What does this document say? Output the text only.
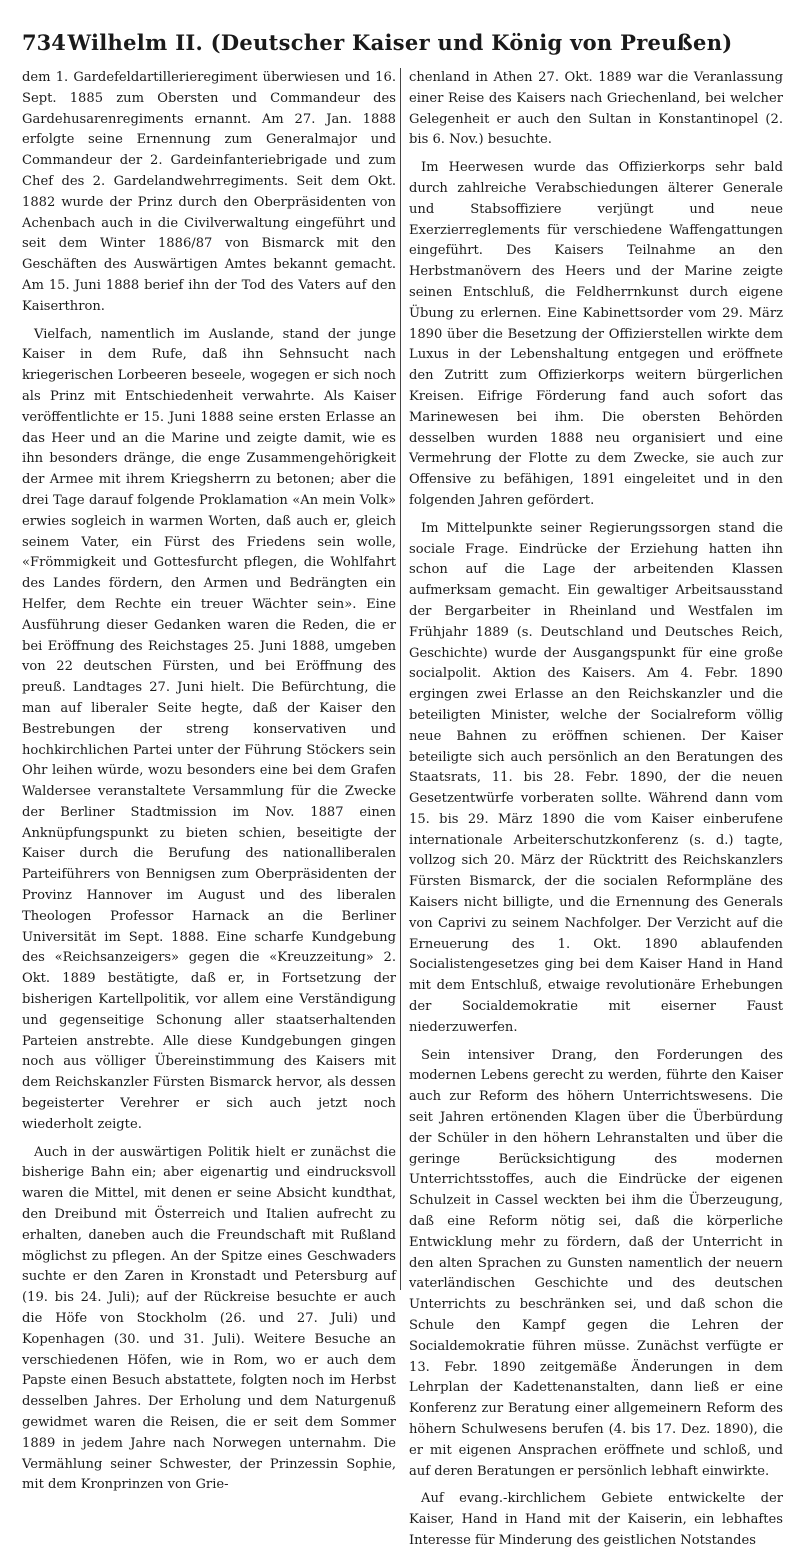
734 Wilhelm II. (Deutscher Kaiser und König von Preußen)

dem 1. Gardefeldartillerieregiment überwiesen und 16. Sept. 1885 zum Obersten und Commandeur des Gardehusarenregiments ernannt. Am 27. Jan. 1888 erfolgte seine Ernennung zum Generalmajor und Commandeur der 2. Gardeinfanteriebrigade und zum Chef des 2. Gardelandwehrregiments. Seit dem Okt. 1882 wurde der Prinz durch den Oberpräsidenten von Achenbach auch in die Civilverwaltung eingeführt und seit dem Winter 1886/87 von Bismarck mit den Geschäften des Auswärtigen Amtes bekannt gemacht. Am 15. Juni 1888 berief ihn der Tod des Vaters auf den Kaiserthron.

Vielfach, namentlich im Auslande, stand der junge Kaiser in dem Rufe, daß ihn Sehnsucht nach kriegerischen Lorbeeren beseele, wogegen er sich noch als Prinz mit Entschiedenheit verwahrte. Als Kaiser veröffentlichte er 15. Juni 1888 seine ersten Erlasse an das Heer und an die Marine und zeigte damit, wie es ihn besonders dränge, die enge Zusammengehörigkeit der Armee mit ihrem Kriegsherrn zu betonen; aber die drei Tage darauf folgende Proklamation «An mein Volk» erwies sogleich in warmen Worten, daß auch er, gleich seinem Vater, ein Fürst des Friedens sein wolle, «Frömmigkeit und Gottesfurcht pflegen, die Wohlfahrt des Landes fördern, den Armen und Bedrängten ein Helfer, dem Rechte ein treuer Wächter sein». Eine Ausführung dieser Gedanken waren die Reden, die er bei Eröffnung des Reichstages 25. Juni 1888, umgeben von 22 deutschen Fürsten, und bei Eröffnung des preuß. Landtages 27. Juni hielt. Die Befürchtung, die man auf liberaler Seite hegte, daß der Kaiser den Bestrebungen der streng konservativen und hochkirchlichen Partei unter der Führung Stöckers sein Ohr leihen würde, wozu besonders eine bei dem Grafen Waldersee veranstaltete Versammlung für die Zwecke der Berliner Stadtmission im Nov. 1887 einen Anknüpfungspunkt zu bieten schien, beseitigte der Kaiser durch die Berufung des nationalliberalen Parteiführers von Bennigsen zum Oberpräsidenten der Provinz Hannover im August und des liberalen Theologen Professor Harnack an die Berliner Universität im Sept. 1888. Eine scharfe Kundgebung des «Reichsanzeigers» gegen die «Kreuzzeitung» 2. Okt. 1889 bestätigte, daß er, in Fortsetzung der bisherigen Kartellpolitik, vor allem eine Verständigung und gegenseitige Schonung aller staatserhaltenden Parteien anstrebte. Alle diese Kundgebungen gingen noch aus völliger Übereinstimmung des Kaisers mit dem Reichskanzler Fürsten Bismarck hervor, als dessen begeisterter Verehrer er sich auch jetzt noch wiederholt zeigte.

Auch in der auswärtigen Politik hielt er zunächst die bisherige Bahn ein; aber eigenartig und eindrucksvoll waren die Mittel, mit denen er seine Absicht kundthat, den Dreibund mit Österreich und Italien aufrecht zu erhalten, daneben auch die Freundschaft mit Rußland möglichst zu pflegen. An der Spitze eines Geschwaders suchte er den Zaren in Kronstadt und Petersburg auf (19. bis 24. Juli); auf der Rückreise besuchte er auch die Höfe von Stockholm (26. und 27. Juli) und Kopenhagen (30. und 31. Juli). Weitere Besuche an verschiedenen Höfen, wie in Rom, wo er auch dem Papste einen Besuch abstattete, folgten noch im Herbst desselben Jahres. Der Erholung und dem Naturgenuß gewidmet waren die Reisen, die er seit dem Sommer 1889 in jedem Jahre nach Norwegen unternahm. Die Vermählung seiner Schwester, der Prinzessin Sophie, mit dem Kronprinzen von Grie-

chenland in Athen 27. Okt. 1889 war die Veranlassung einer Reise des Kaisers nach Griechenland, bei welcher Gelegenheit er auch den Sultan in Konstantinopel (2. bis 6. Nov.) besuchte.

Im Heerwesen wurde das Offizierkorps sehr bald durch zahlreiche Verabschiedungen älterer Generale und Stabsoffiziere verjüngt und neue Exerzierreglements für verschiedene Waffengattungen eingeführt. Des Kaisers Teilnahme an den Herbstmanövern des Heers und der Marine zeigte seinen Entschluß, die Feldherrnkunst durch eigene Übung zu erlernen. Eine Kabinettsorder vom 29. März 1890 über die Besetzung der Offizierstellen wirkte dem Luxus in der Lebenshaltung entgegen und eröffnete den Zutritt zum Offizierkorps weitern bürgerlichen Kreisen. Eifrige Förderung fand auch sofort das Marinewesen bei ihm. Die obersten Behörden desselben wurden 1888 neu organisiert und eine Vermehrung der Flotte zu dem Zwecke, sie auch zur Offensive zu befähigen, 1891 eingeleitet und in den folgenden Jahren gefördert.

Im Mittelpunkte seiner Regierungssorgen stand die sociale Frage. Eindrücke der Erziehung hatten ihn schon auf die Lage der arbeitenden Klassen aufmerksam gemacht. Ein gewaltiger Arbeitsausstand der Bergarbeiter in Rheinland und Westfalen im Frühjahr 1889 (s. Deutschland und Deutsches Reich, Geschichte) wurde der Ausgangspunkt für eine große socialpolit. Aktion des Kaisers. Am 4. Febr. 1890 ergingen zwei Erlasse an den Reichskanzler und die beteiligten Minister, welche der Socialreform völlig neue Bahnen zu eröffnen schienen. Der Kaiser beteiligte sich auch persönlich an den Beratungen des Staatsrats, 11. bis 28. Febr. 1890, der die neuen Gesetzentwürfe vorberaten sollte. Während dann vom 15. bis 29. März 1890 die vom Kaiser einberufene internationale Arbeiterschutzkonferenz (s. d.) tagte, vollzog sich 20. März der Rücktritt des Reichskanzlers Fürsten Bismarck, der die socialen Reformpläne des Kaisers nicht billigte, und die Ernennung des Generals von Caprivi zu seinem Nachfolger. Der Verzicht auf die Erneuerung des 1. Okt. 1890 ablaufenden Socialistengesetzes ging bei dem Kaiser Hand in Hand mit dem Entschluß, etwaige revolutionäre Erhebungen der Socialdemokratie mit eiserner Faust niederzuwerfen.

Sein intensiver Drang, den Forderungen des modernen Lebens gerecht zu werden, führte den Kaiser auch zur Reform des höhern Unterrichtswesens. Die seit Jahren ertönenden Klagen über die Überbürdung der Schüler in den höhern Lehranstalten und über die geringe Berücksichtigung des modernen Unterrichtsstoffes, auch die Eindrücke der eigenen Schulzeit in Cassel weckten bei ihm die Überzeugung, daß eine Reform nötig sei, daß die körperliche Entwicklung mehr zu fördern, daß der Unterricht in den alten Sprachen zu Gunsten namentlich der neuern vaterländischen Geschichte und des deutschen Unterrichts zu beschränken sei, und daß schon die Schule den Kampf gegen die Lehren der Socialdemokratie führen müsse. Zunächst verfügte er 13. Febr. 1890 zeitgemäße Änderungen in dem Lehrplan der Kadettenanstalten, dann ließ er eine Konferenz zur Beratung einer allgemeinern Reform des höhern Schulwesens berufen (4. bis 17. Dez. 1890), die er mit eigenen Ansprachen eröffnete und schloß, und auf deren Beratungen er persönlich lebhaft einwirkte.

Auf evang.-kirchlichem Gebiete entwickelte der Kaiser, Hand in Hand mit der Kaiserin, ein lebhaftes Interesse für Minderung des geistlichen Notstandes
